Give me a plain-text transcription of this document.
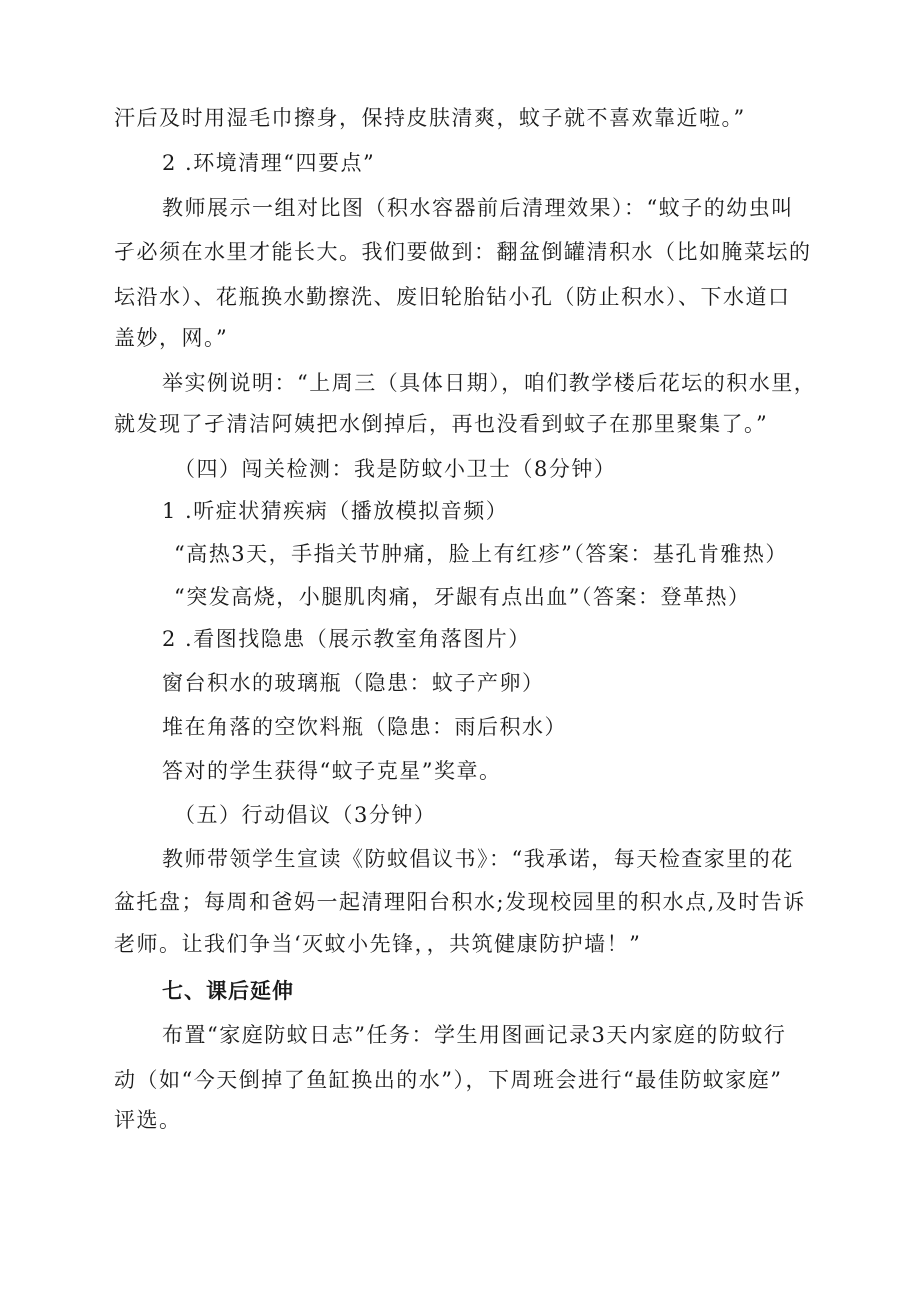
汗后及时用湿毛巾擦身，保持皮肤清爽，蚊子就不喜欢靠近啦。”
2 .环境清理“四要点”
教师展示一组对比图（积水容器前后清理效果）：“蚊子的幼虫叫
孑必须在水里才能长大。我们要做到：翻盆倒罐清积水（比如腌菜坛的
坛沿水）、花瓶换水勤擦洗、废旧轮胎钻小孔（防止积水）、下水道口
盖妙，网。”
举实例说明：“上周三（具体日期），咱们教学楼后花坛的积水里，
就发现了孑清洁阿姨把水倒掉后，再也没看到蚊子在那里聚集了。”
（四）闯关检测：我是防蚊小卫士（8分钟）
1 .听症状猜疾病（播放模拟音频）
“高热3天，手指关节肿痛，脸上有红疹”（答案：基孔肯雅热）
“突发高烧，小腿肌肉痛，牙龈有点出血”（答案：登革热）
2 .看图找隐患（展示教室角落图片）
窗台积水的玻璃瓶（隐患：蚊子产卵）
堆在角落的空饮料瓶（隐患：雨后积水）
答对的学生获得“蚊子克星”奖章。
（五）行动倡议（3分钟）
教师带领学生宣读《防蚊倡议书》：“我承诺，每天检查家里的花
盆托盘；每周和爸妈一起清理阳台积水;发现校园里的积水点,及时告诉
老师。让我们争当‘灭蚊小先锋，，共筑健康防护墙！”
七、课后延伸
布置“家庭防蚊日志”任务：学生用图画记录3天内家庭的防蚊行
动（如“今天倒掉了鱼缸换出的水”），下周班会进行“最佳防蚊家庭”
评选。
